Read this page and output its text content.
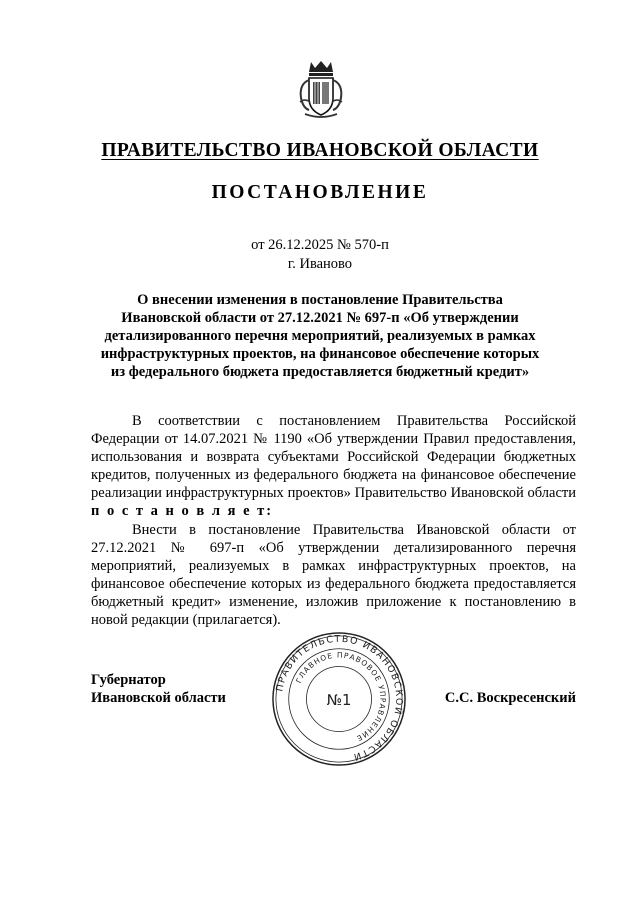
ПРАВИТЕЛЬСТВО ИВАНОВСКОЙ ОБЛАСТИ
ПОСТАНОВЛЕНИЕ
от 26.12.2025 № 570-п
г. Иваново
О внесении изменения в постановление Правительства
Ивановской области от 27.12.2021 № 697-п «Об утверждении
детализированного перечня мероприятий, реализуемых в рамках
инфраструктурных проектов, на финансовое обеспечение которых
из федерального бюджета предоставляется бюджетный кредит»

В соответствии с постановлением Правительства Российской Федерации от 14.07.2021 № 1190 «Об утверждении Правил предоставления, использования и возврата субъектами Российской Федерации бюджетных кредитов, полученных из федерального бюджета на финансовое обеспечение реализации инфраструктурных проектов» Правительство Ивановской области п о с т а н о в л я е т:

Внести в постановление Правительства Ивановской области от 27.12.2021 № 697-п «Об утверждении детализированного перечня мероприятий, реализуемых в рамках инфраструктурных проектов, на финансовое обеспечение которых из федерального бюджета предоставляется бюджетный кредит» изменение, изложив приложение к постановлению в новой редакции (прилагается).

Губернатор
Ивановской области	С.С. Воскресенский
ПРАВИТЕЛЬСТВО ИВАНОВСКОЙ ОБЛАСТИ
ГЛАВНОЕ ПРАВОВОЕ УПРАВЛЕНИЕ
№1
